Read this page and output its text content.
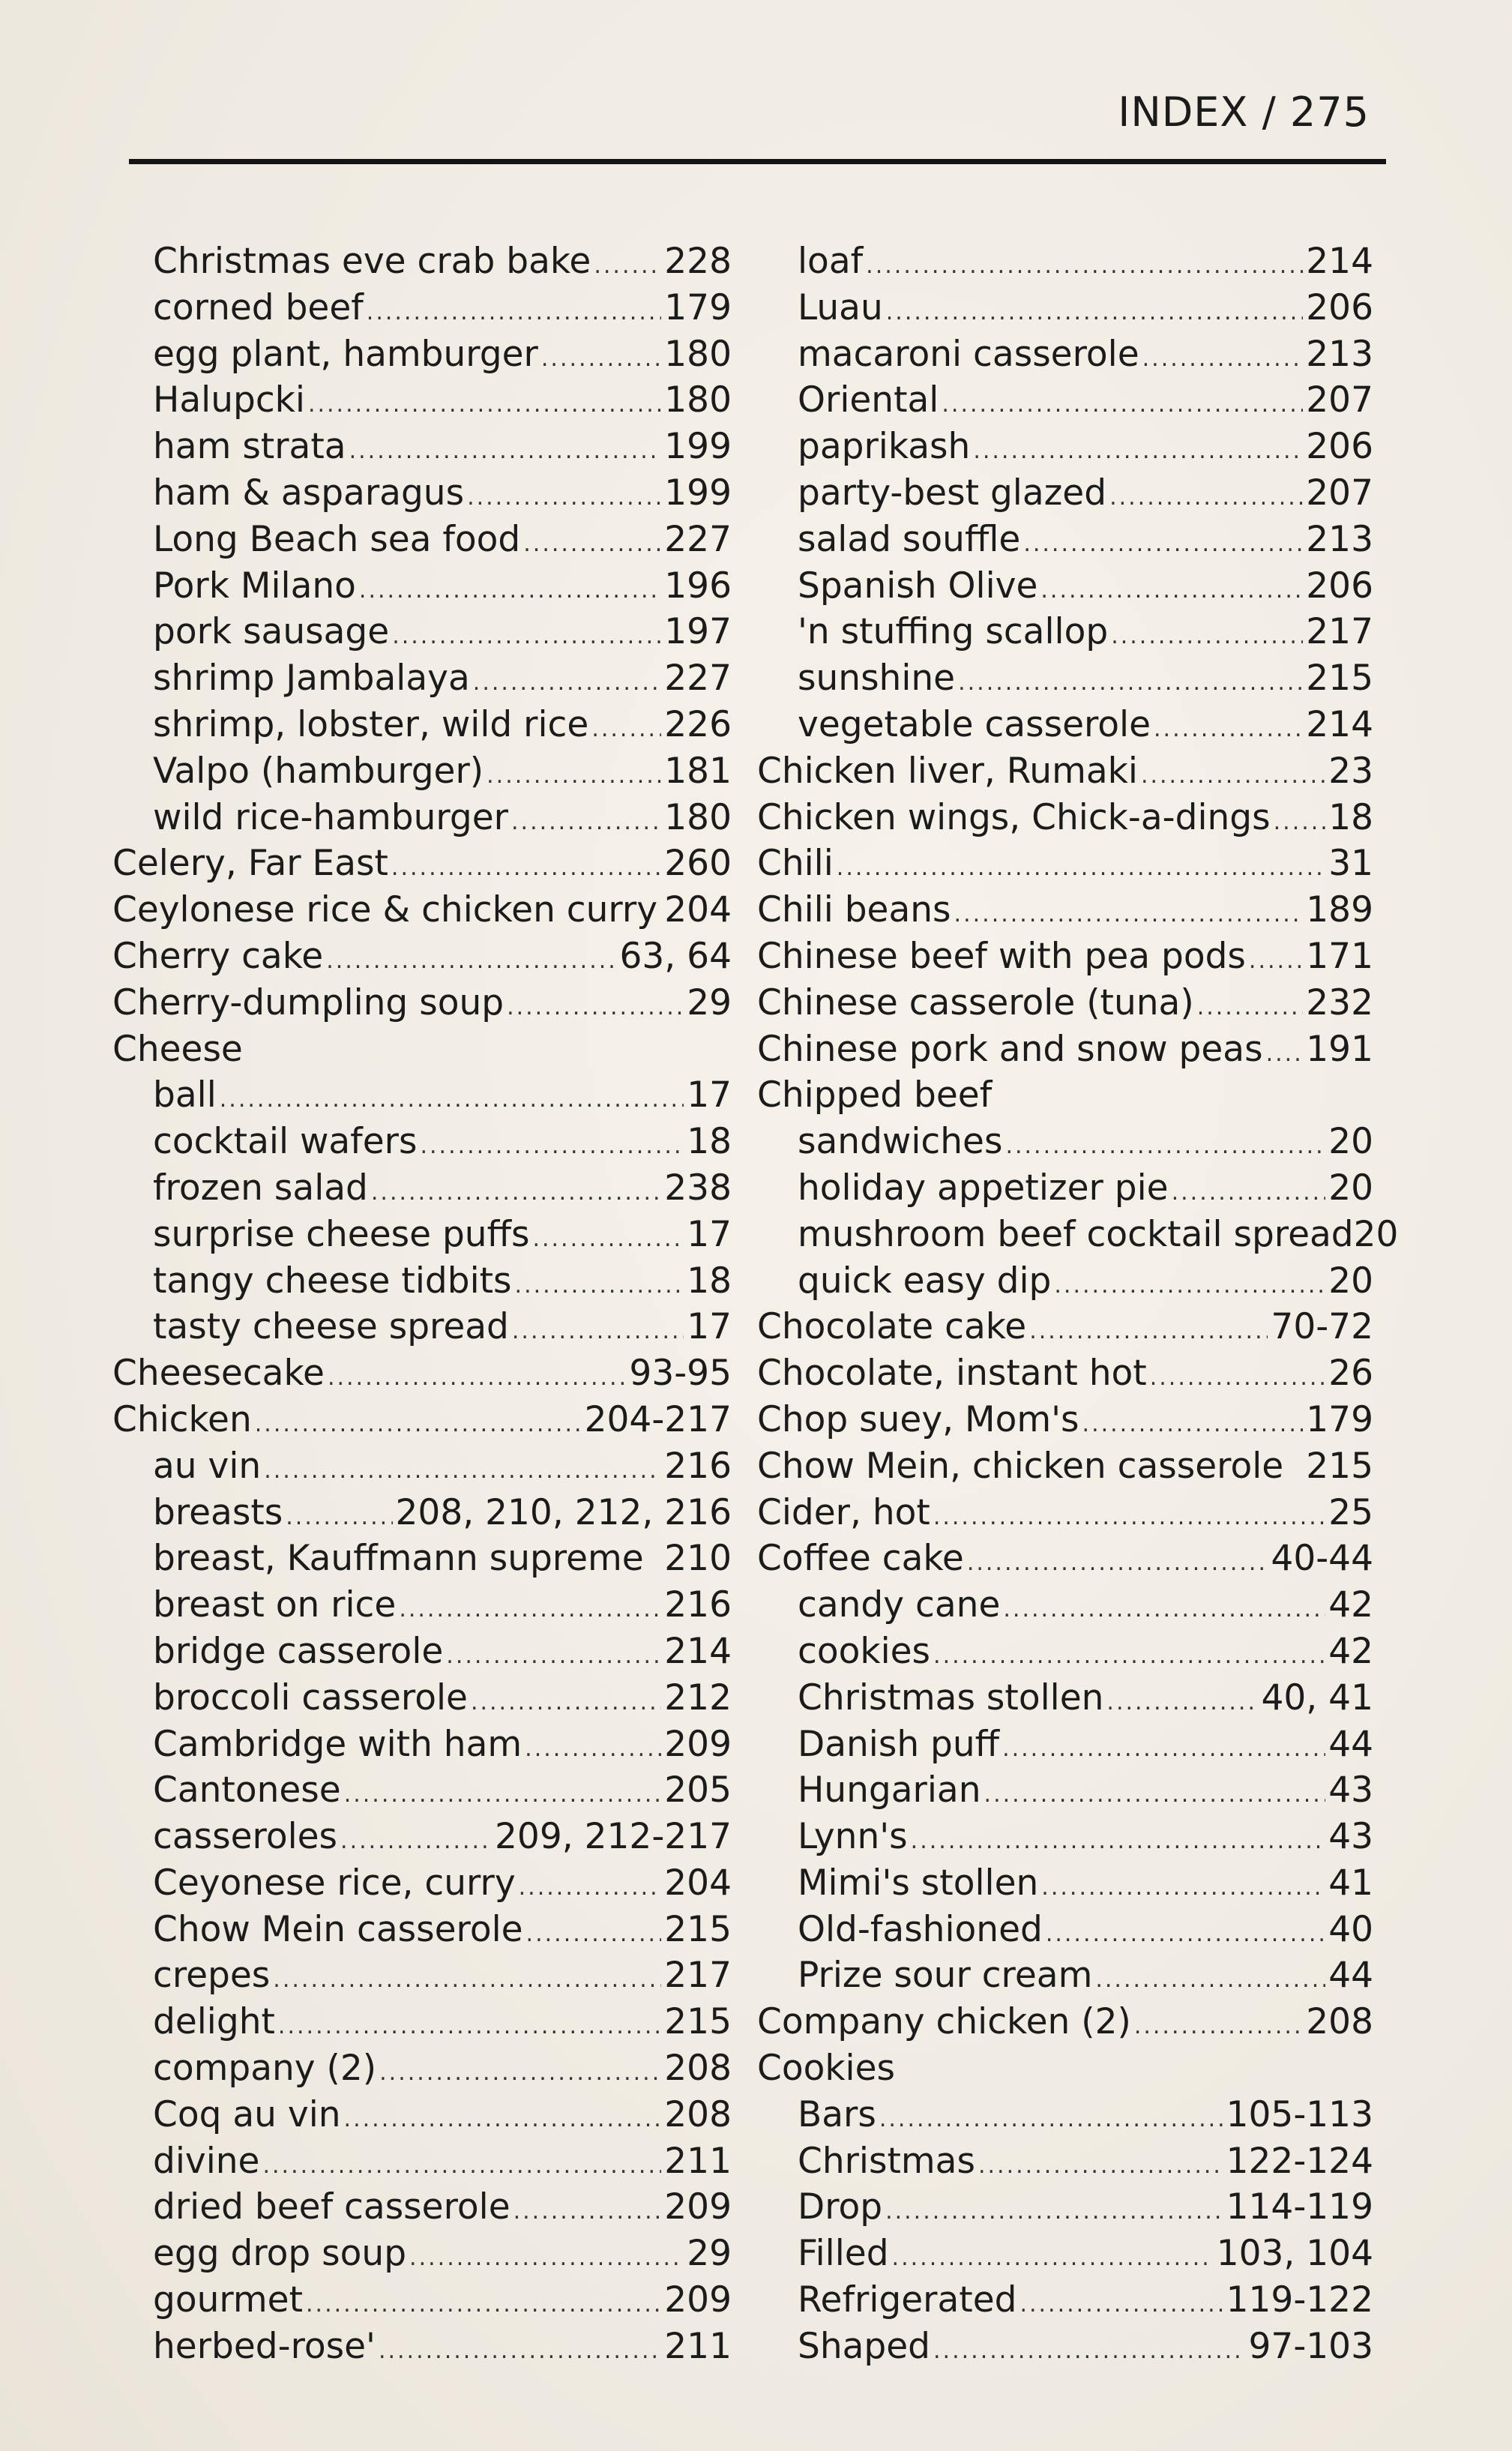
INDEX / 275
Christmas eve crab bake ..... 228
corned beef .....	179
egg plant, hamburger .....	180
Halupcki .....	180
ham strata .....	199
ham & asparagus .....	199
Long Beach sea food .....	227
Pork Milano .....	196
pork sausage .....	197
shrimp Jambalaya .....	227
shrimp, lobster, wild rice ..... 226
Valpo (hamburger) .....	181
wild rice-hamburger .....	180
Celery, Far East .....	260
Ceylonese rice & chicken curry 204
Cherry cake .....	63, 64
Cherry-dumpling soup .....	29
Cheese
ball .....	17
cocktail wafers .....	18
frozen salad .....	238
surprise cheese puffs .....	17
tangy cheese tidbits .....	18
tasty cheese spread .....	17
Cheesecake .....	93-95
Chicken .....	204-217
au vin .....	216
breasts .....	208, 210, 212, 216
breast, Kauffmann supreme 210
breast on rice .....	216
bridge casserole .....	214
broccoli casserole .....	212
Cambridge with ham .....	209
Cantonese .....	205
casseroles .....	209, 212-217
Ceyonese rice, curry .....	204
Chow Mein casserole .....	215
crepes .....	217
delight .....	215
company (2) .....	208
Coq au vin .....	208
divine .....	211
dried beef casserole .....	209
egg drop soup .....	29
gourmet .....	209
herbed-rose' .....	211
loaf .....	214
Luau .....	206
macaroni casserole .....	213
Oriental .....	207
paprikash .....	206
party-best glazed .....	207
salad souffle .....	213
Spanish Olive .....	206
'n stuffing scallop .....	217
sunshine .....	215
vegetable casserole .....	214
Chicken liver, Rumaki .....	23
Chicken wings, Chick-a-dings ..... 18
Chili .....	31
Chili beans .....	189
Chinese beef with pea pods ..... 171
Chinese casserole (tuna) .....	232
Chinese pork and snow peas ..... 191
Chipped beef
sandwiches .....	20
holiday appetizer pie .....	20
mushroom beef cocktail spread 20
quick easy dip .....	20
Chocolate cake .....	70-72
Chocolate, instant hot .....	26
Chop suey, Mom's .....	179
Chow Mein, chicken casserole 215
Cider, hot .....	25
Coffee cake .....	40-44
candy cane .....	42
cookies .....	42
Christmas stollen .....	40, 41
Danish puff .....	44
Hungarian .....	43
Lynn's .....	43
Mimi's stollen .....	41
Old-fashioned .....	40
Prize sour cream .....	44
Company chicken (2) .....	208
Cookies
Bars .....	105-113
Christmas .....	122-124
Drop .....	114-119
Filled .....	103, 104
Refrigerated .....	119-122
Shaped .....	97-103
